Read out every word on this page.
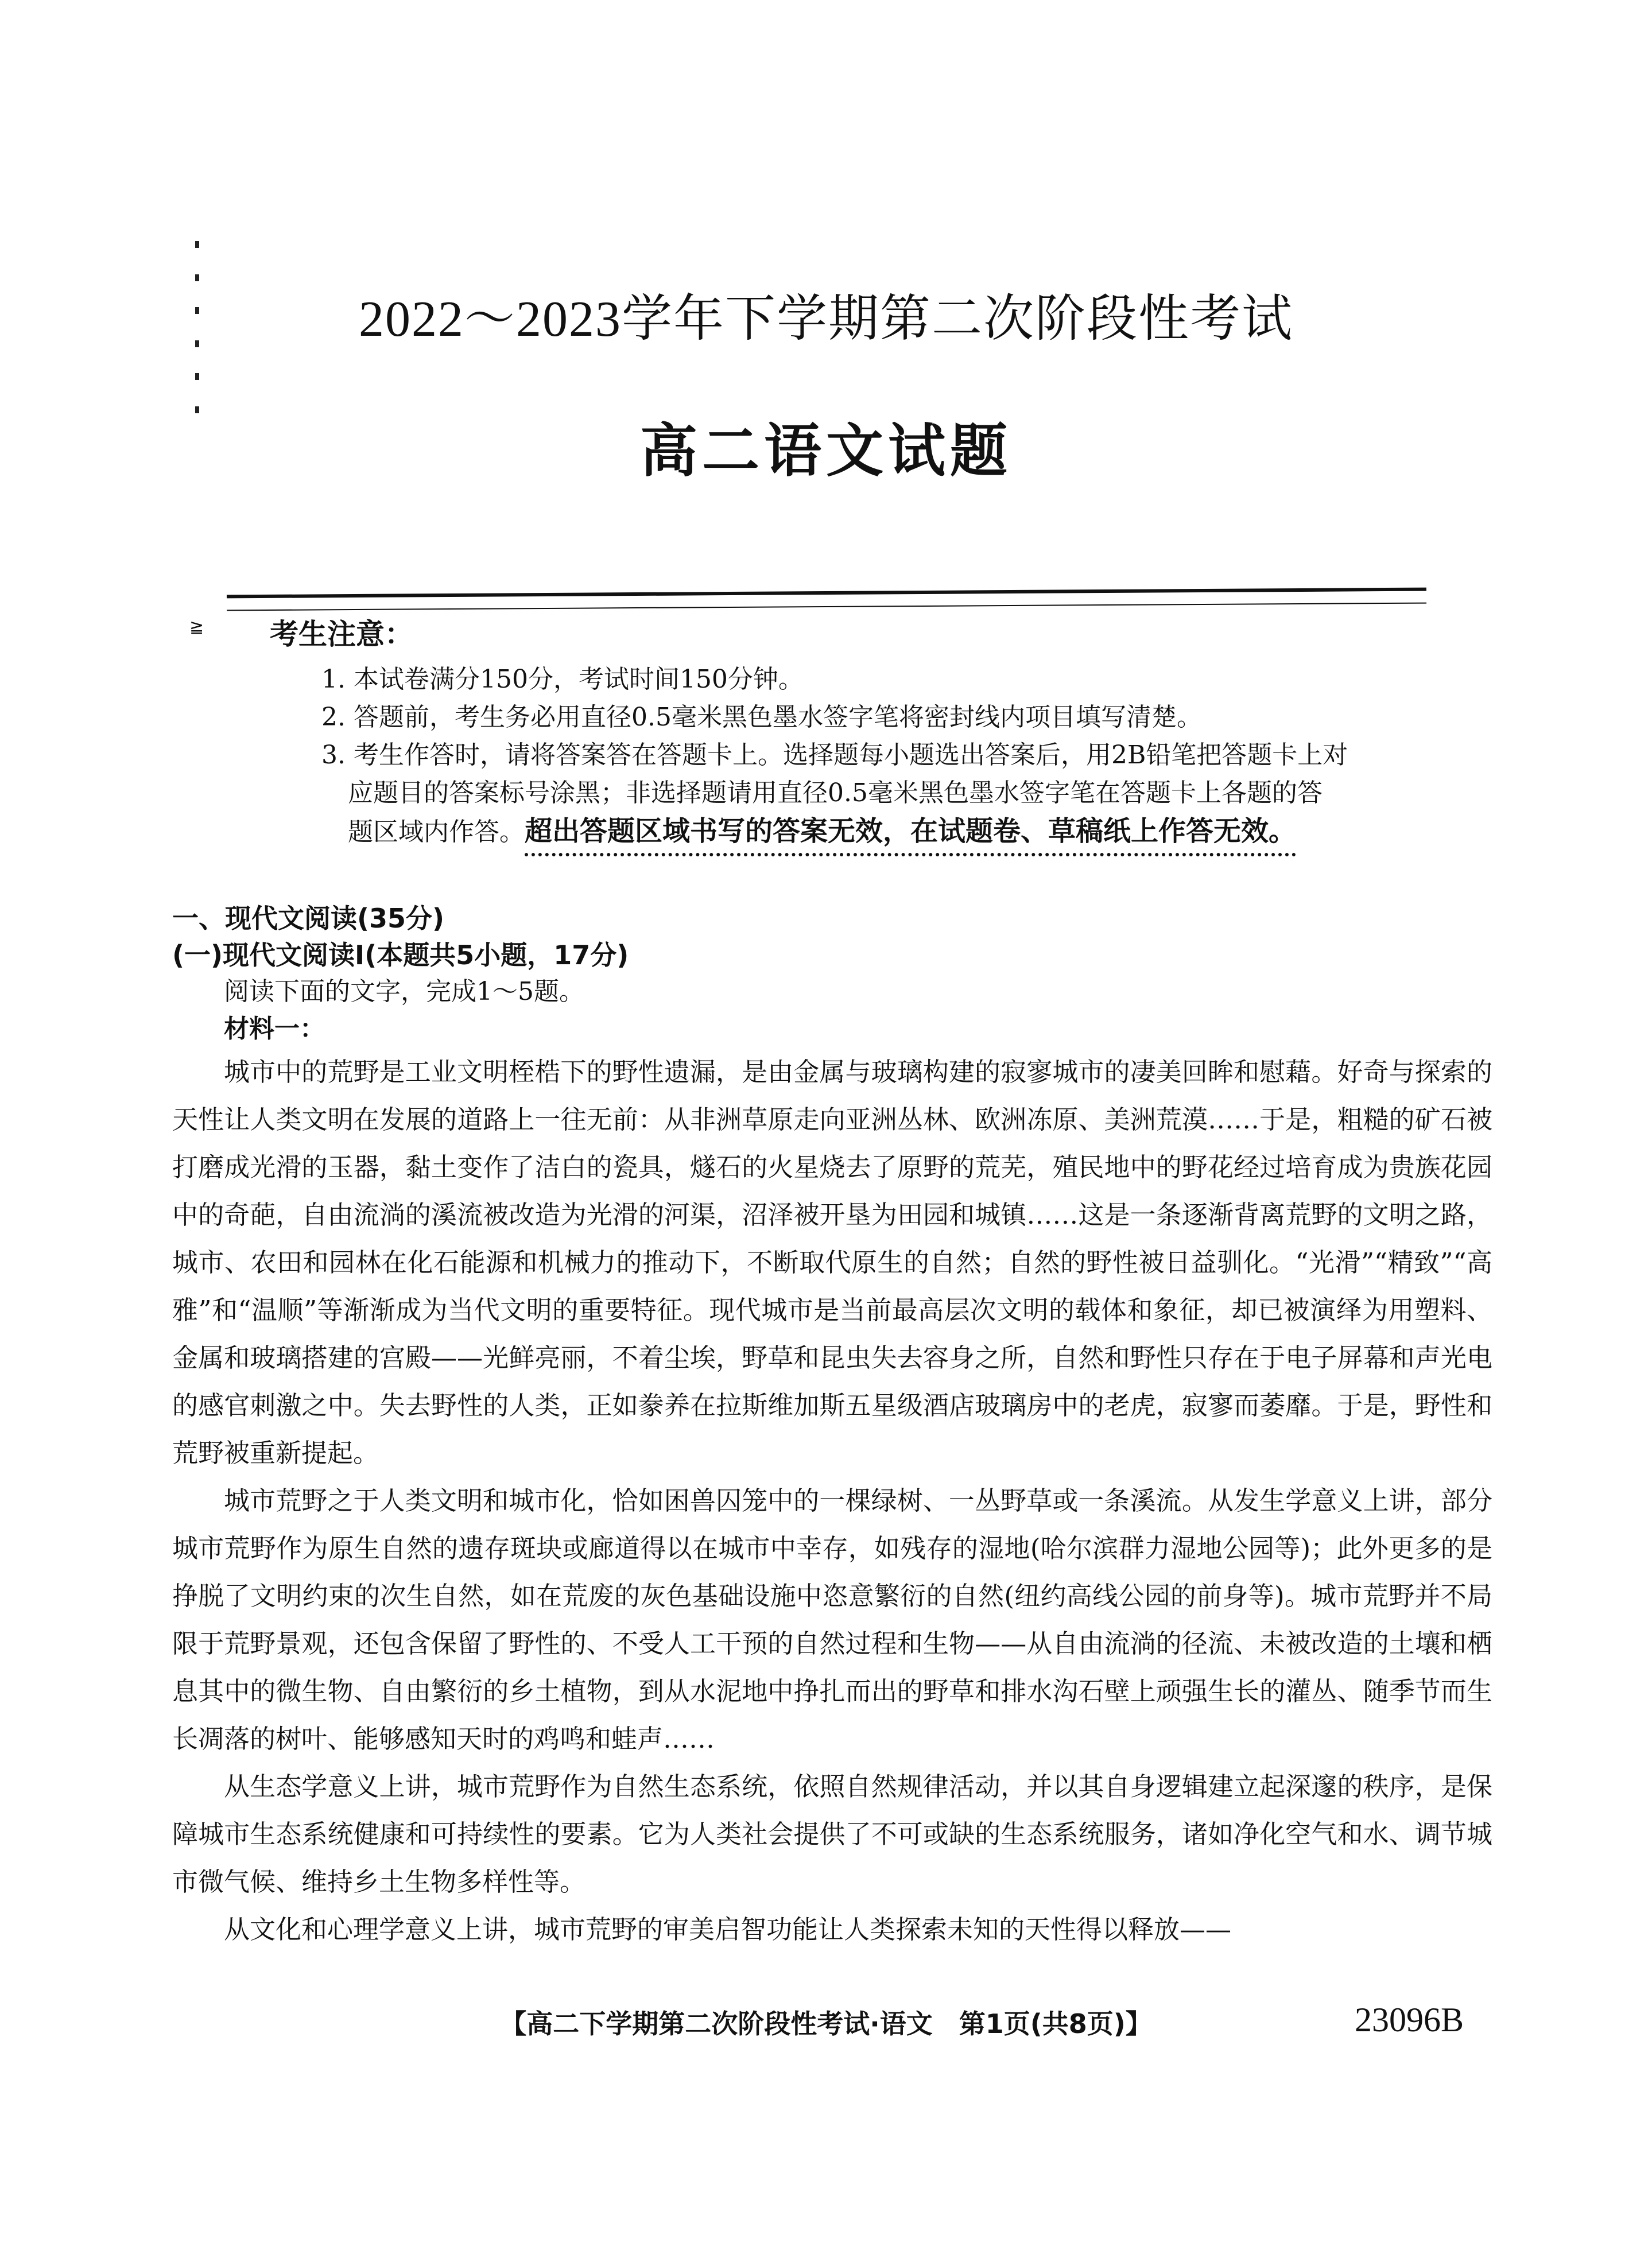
2022～2023学年下学期第二次阶段性考试
高二语文试题
≧ 考生注意：
1. 本试卷满分150分，考试时间150分钟。
2. 答题前，考生务必用直径0.5毫米黑色墨水签字笔将密封线内项目填写清楚。
3. 考生作答时，请将答案答在答题卡上。选择题每小题选出答案后，用2B铅笔把答题卡上对
应题目的答案标号涂黑；非选择题请用直径0.5毫米黑色墨水签字笔在答题卡上各题的答
题区域内作答。超出答题区域书写的答案无效，在试题卷、草稿纸上作答无效。
一、现代文阅读(35分)
(一)现代文阅读Ⅰ(本题共5小题，17分)
阅读下面的文字，完成1～5题。
材料一：

城市中的荒野是工业文明桎梏下的野性遗漏，是由金属与玻璃构建的寂寥城市的凄美回眸和慰藉。好奇与探索的天性让人类文明在发展的道路上一往无前：从非洲草原走向亚洲丛林、欧洲冻原、美洲荒漠……于是，粗糙的矿石被打磨成光滑的玉器，黏土变作了洁白的瓷具，燧石的火星烧去了原野的荒芜，殖民地中的野花经过培育成为贵族花园中的奇葩，自由流淌的溪流被改造为光滑的河渠，沼泽被开垦为田园和城镇……这是一条逐渐背离荒野的文明之路，城市、农田和园林在化石能源和机械力的推动下，不断取代原生的自然；自然的野性被日益驯化。“光滑”“精致”“高雅”和“温顺”等渐渐成为当代文明的重要特征。现代城市是当前最高层次文明的载体和象征，却已被演绎为用塑料、金属和玻璃搭建的宫殿——光鲜亮丽，不着尘埃，野草和昆虫失去容身之所，自然和野性只存在于电子屏幕和声光电的感官刺激之中。失去野性的人类，正如豢养在拉斯维加斯五星级酒店玻璃房中的老虎，寂寥而萎靡。于是，野性和荒野被重新提起。

城市荒野之于人类文明和城市化，恰如困兽囚笼中的一棵绿树、一丛野草或一条溪流。从发生学意义上讲，部分城市荒野作为原生自然的遗存斑块或廊道得以在城市中幸存，如残存的湿地(哈尔滨群力湿地公园等)；此外更多的是挣脱了文明约束的次生自然，如在荒废的灰色基础设施中恣意繁衍的自然(纽约高线公园的前身等)。城市荒野并不局限于荒野景观，还包含保留了野性的、不受人工干预的自然过程和生物——从自由流淌的径流、未被改造的土壤和栖息其中的微生物、自由繁衍的乡土植物，到从水泥地中挣扎而出的野草和排水沟石壁上顽强生长的灌丛、随季节而生长凋落的树叶、能够感知天时的鸡鸣和蛙声……

从生态学意义上讲，城市荒野作为自然生态系统，依照自然规律活动，并以其自身逻辑建立起深邃的秩序，是保障城市生态系统健康和可持续性的要素。它为人类社会提供了不可或缺的生态系统服务，诸如净化空气和水、调节城市微气候、维持乡土生物多样性等。

从文化和心理学意义上讲，城市荒野的审美启智功能让人类探索未知的天性得以释放——

【高二下学期第二次阶段性考试·语文　第1页(共8页)】	23096B
